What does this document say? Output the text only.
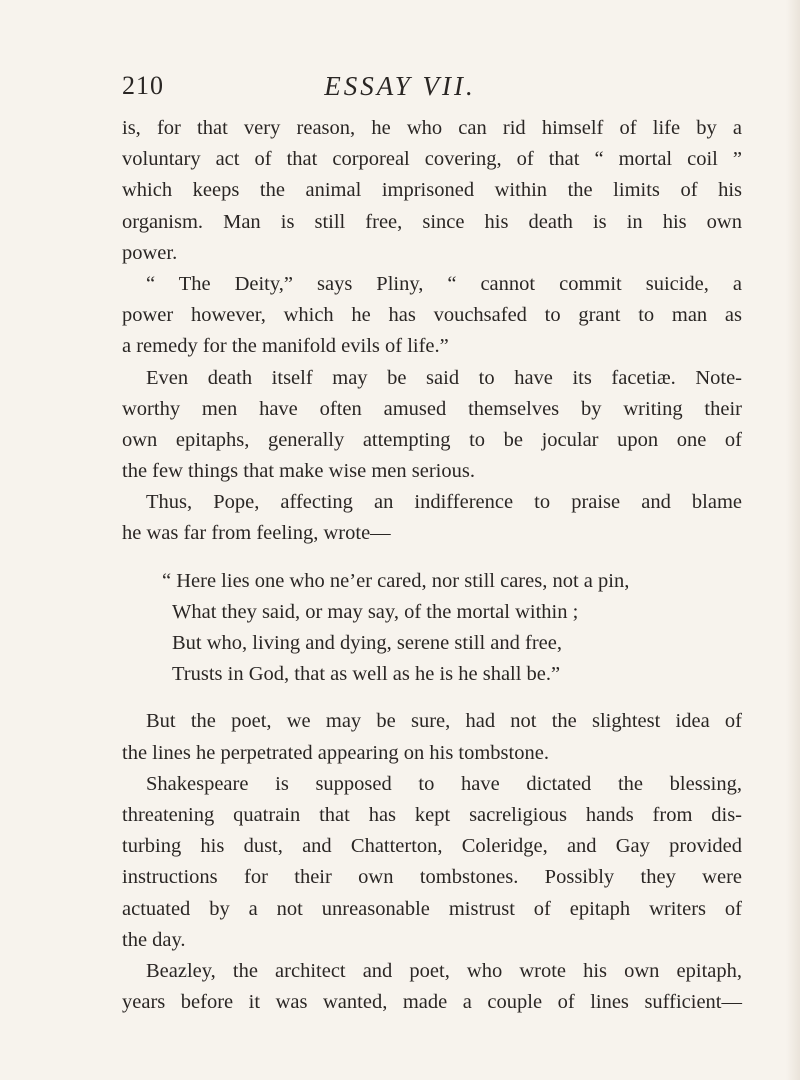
210	ESSAY VII.
is, for that very reason, he who can rid himself of life by a
voluntary act of that corporeal covering, of that “ mortal coil ”
which keeps the animal imprisoned within the limits of his
organism. Man is still free, since his death is in his own
power.
“ The Deity,” says Pliny, “ cannot commit suicide, a
power however, which he has vouchsafed to grant to man as
a remedy for the manifold evils of life.”
Even death itself may be said to have its facetiæ. Note-
worthy men have often amused themselves by writing their
own epitaphs, generally attempting to be jocular upon one of
the few things that make wise men serious.
Thus, Pope, affecting an indifference to praise and blame
he was far from feeling, wrote—
“ Here lies one who ne’er cared, nor still cares, not a pin,
What they said, or may say, of the mortal within ;
But who, living and dying, serene still and free,
Trusts in God, that as well as he is he shall be.”
But the poet, we may be sure, had not the slightest idea of
the lines he perpetrated appearing on his tombstone.
Shakespeare is supposed to have dictated the blessing,
threatening quatrain that has kept sacreligious hands from dis-
turbing his dust, and Chatterton, Coleridge, and Gay provided
instructions for their own tombstones. Possibly they were
actuated by a not unreasonable mistrust of epitaph writers of
the day.
Beazley, the architect and poet, who wrote his own epitaph,
years before it was wanted, made a couple of lines sufficient—
